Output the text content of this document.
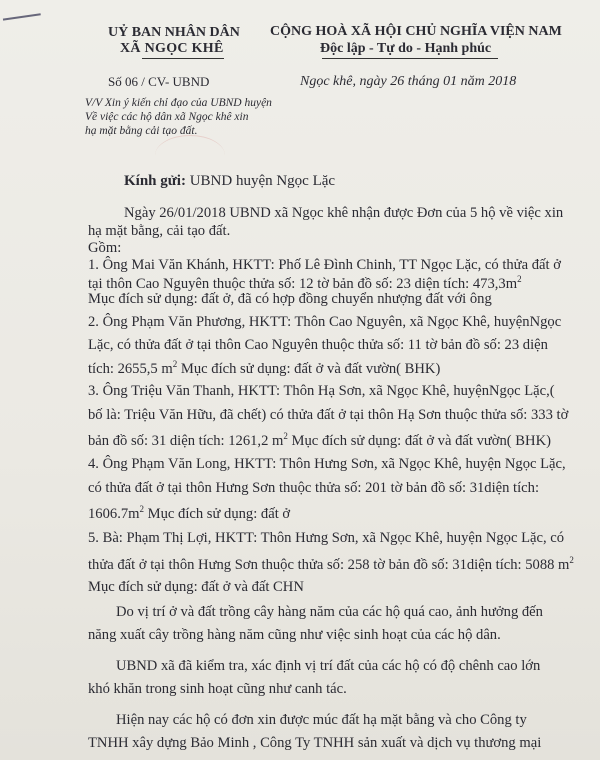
UỶ BAN NHÂN DÂN
XÃ NGỌC KHÊ
Số 06 / CV- UBND
V/V Xin ý kiến chỉ đạo của UBND huyện
Về việc các hộ dân xã Ngọc khê xin
hạ mặt bằng cải tạo đất.
CỘNG HOÀ XÃ HỘI CHỦ NGHĨA VIỆN NAM
Độc lập - Tự do - Hạnh phúc
Ngọc khê, ngày 26 tháng 01 năm 2018
Kính gửi: UBND huyện Ngọc Lặc
Ngày 26/01/2018 UBND xã Ngọc khê nhận được Đơn của 5 hộ về việc xin
hạ mặt bằng, cải tạo đất.
Gồm:
1. Ông Mai Văn Khánh, HKTT: Phố Lê Đình Chinh, TT Ngọc Lặc, có thửa đất ở
tại thôn Cao Nguyên thuộc thửa số: 12 tờ bản đồ số: 23 diện tích: $473,3m^2$
Mục đích sử dụng: đất ở, đã có hợp đồng chuyển nhượng đất với ông
2. Ông Phạm Văn Phương, HKTT: Thôn Cao Nguyên, xã Ngọc Khê, huyệnNgọc
Lặc, có thửa đất ở tại thôn Cao Nguyên thuộc thửa số: 11 tờ bản đồ số: 23 diện
tích: 2655,5 $m^2$ Mục đích sử dụng: đất ở và đất vườn( BHK)
3. Ông Triệu Văn Thanh, HKTT: Thôn Hạ Sơn, xã Ngọc Khê, huyệnNgọc Lặc,(
bố là: Triệu Văn Hữu, đã chết) có thửa đất ở tại thôn Hạ Sơn thuộc thửa số: 333 tờ
bản đồ số: 31 diện tích: 1261,2 $m^2$ Mục đích sử dụng: đất ở và đất vườn( BHK)
4. Ông Phạm Văn Long, HKTT: Thôn Hưng Sơn, xã Ngọc Khê, huyện Ngọc Lặc,
có thửa đất ở tại thôn Hưng Sơn thuộc thửa số: 201 tờ bản đồ số: 31diện tích:
$1606.7m^2$ Mục đích sử dụng: đất ở
5. Bà: Phạm Thị Lợi, HKTT: Thôn Hưng Sơn, xã Ngọc Khê, huyện Ngọc Lặc, có
thửa đất ở tại thôn Hưng Sơn thuộc thửa số: 258 tờ bản đồ số: 31diện tích: 5088 $m^2$
Mục đích sử dụng: đất ở và đất CHN
Do vị trí ở và đất trồng cây hàng năm của các hộ quá cao, ảnh hưởng đến
năng xuất cây trồng hàng năm cũng như việc sinh hoạt của các hộ dân.
UBND xã đã kiểm tra, xác định vị trí đất của các hộ có độ chênh cao lớn
khó khăn trong sinh hoạt cũng như canh tác.
Hiện nay các hộ có đơn xin được múc đất hạ mặt bằng và cho Công ty
TNHH xây dựng Bảo Minh , Công Ty TNHH sản xuất và dịch vụ thương mại
